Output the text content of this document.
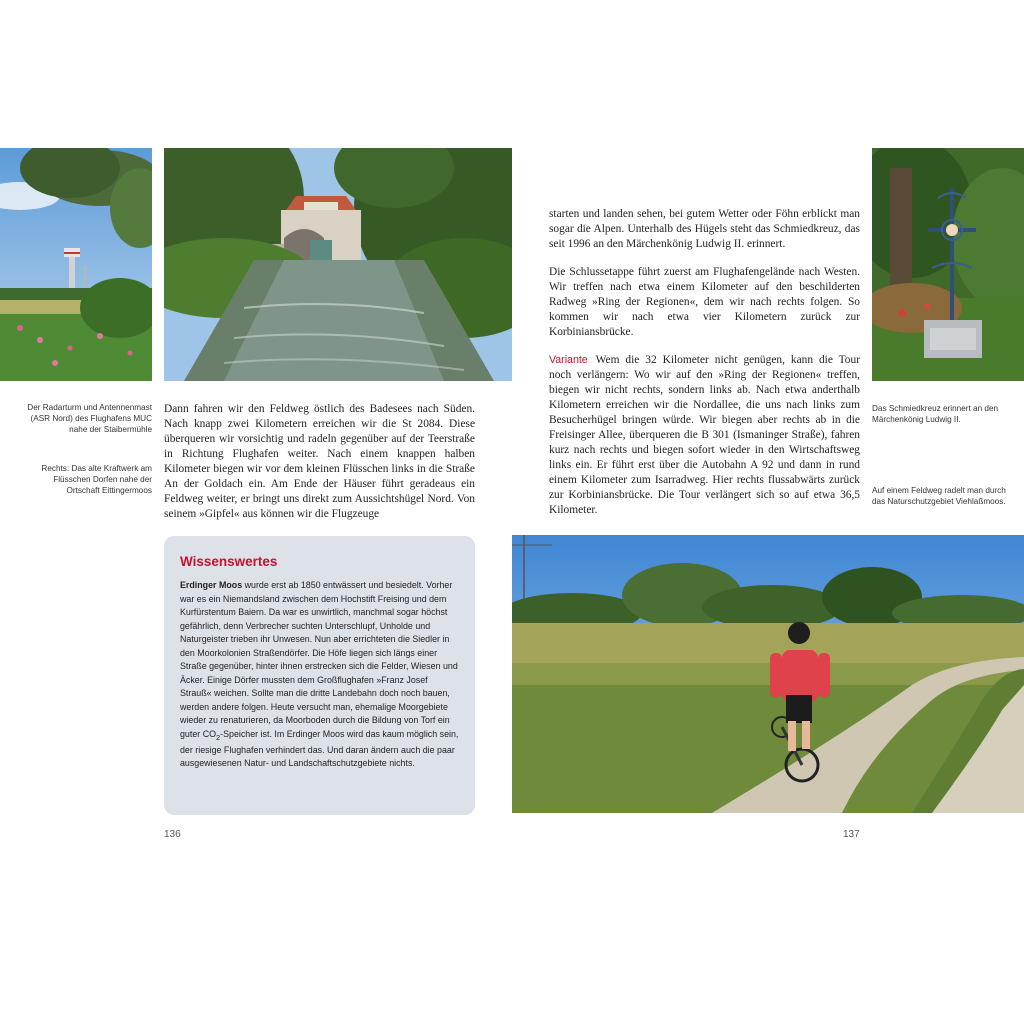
Der Radarturm und Antennenmast (ASR Nord) des Flughafens MUC nahe der Staibermühle
Rechts: Das alte Kraftwerk am Flüsschen Dorfen nahe der Ortschaft Eittingermoos
Das Schmiedkreuz erinnert an den Märchenkönig Ludwig II.
Auf einem Feldweg radelt man durch das Naturschutzgebiet Viehlaßmoos.

Dann fahren wir den Feldweg östlich des Badesees nach Süden. Nach knapp zwei Kilometern erreichen wir die St 2084. Diese überqueren wir vorsichtig und radeln gegenüber auf der Teerstraße in Richtung Flughafen weiter. Nach einem knappen halben Kilometer biegen wir vor dem kleinen Flüsschen links in die Straße An der Goldach ein. Am Ende der Häuser führt geradeaus ein Feldweg weiter, er bringt uns direkt zum Aussichtshügel Nord. Von seinem »Gipfel« aus können wir die Flugzeuge

Wissenswertes

Erdinger Moos wurde erst ab 1850 entwässert und besiedelt. Vorher war es ein Niemandsland zwischen dem Hochstift Freising und dem Kurfürstentum Baiern. Da war es unwirtlich, manchmal sogar höchst gefährlich, denn Verbrecher suchten Unterschlupf, Unholde und Naturgeister trieben ihr Unwesen. Nun aber errichteten die Siedler in den Moorkolonien Straßendörfer. Die Höfe liegen sich längs einer Straße gegenüber, hinter ihnen erstrecken sich die Felder, Wiesen und Äcker. Einige Dörfer mussten dem Großflughafen »Franz Josef Strauß« weichen. Sollte man die dritte Landebahn doch noch bauen, werden andere folgen. Heute versucht man, ehemalige Moorgebiete wieder zu renaturieren, da Moorboden durch die Bildung von Torf ein guter $CO_2$-Speicher ist. Im Erdinger Moos wird das kaum möglich sein, der riesige Flughafen verhindert das. Und daran ändern auch die paar ausgewiesenen Natur- und Landschaftschutzgebiete nichts.

starten und landen sehen, bei gutem Wetter oder Föhn erblickt man sogar die Alpen. Unterhalb des Hügels steht das Schmiedkreuz, das seit 1996 an den Märchenkönig Ludwig II. erinnert.

Die Schlussetappe führt zuerst am Flughafengelände nach Westen. Wir treffen nach etwa einem Kilometer auf den beschilderten Radweg »Ring der Regionen«, dem wir nach rechts folgen. So kommen wir nach etwa vier Kilometern zurück zur Korbiniansbrücke.

Variante Wem die 32 Kilometer nicht genügen, kann die Tour noch verlängern: Wo wir auf den »Ring der Regionen« treffen, biegen wir nicht rechts, sondern links ab. Nach etwa anderthalb Kilometern erreichen wir die Nordallee, die uns nach links zum Besucherhügel bringen würde. Wir biegen aber rechts ab in die Freisinger Allee, überqueren die B 301 (Ismaninger Straße), fahren kurz nach rechts und biegen sofort wieder in den Wirtschaftsweg links ein. Er führt erst über die Autobahn A 92 und dann in rund einem Kilometer zum Isarradweg. Hier rechts flussabwärts zurück zur Korbiniansbrücke. Die Tour verlängert sich so auf etwa 36,5 Kilometer.

136	137
